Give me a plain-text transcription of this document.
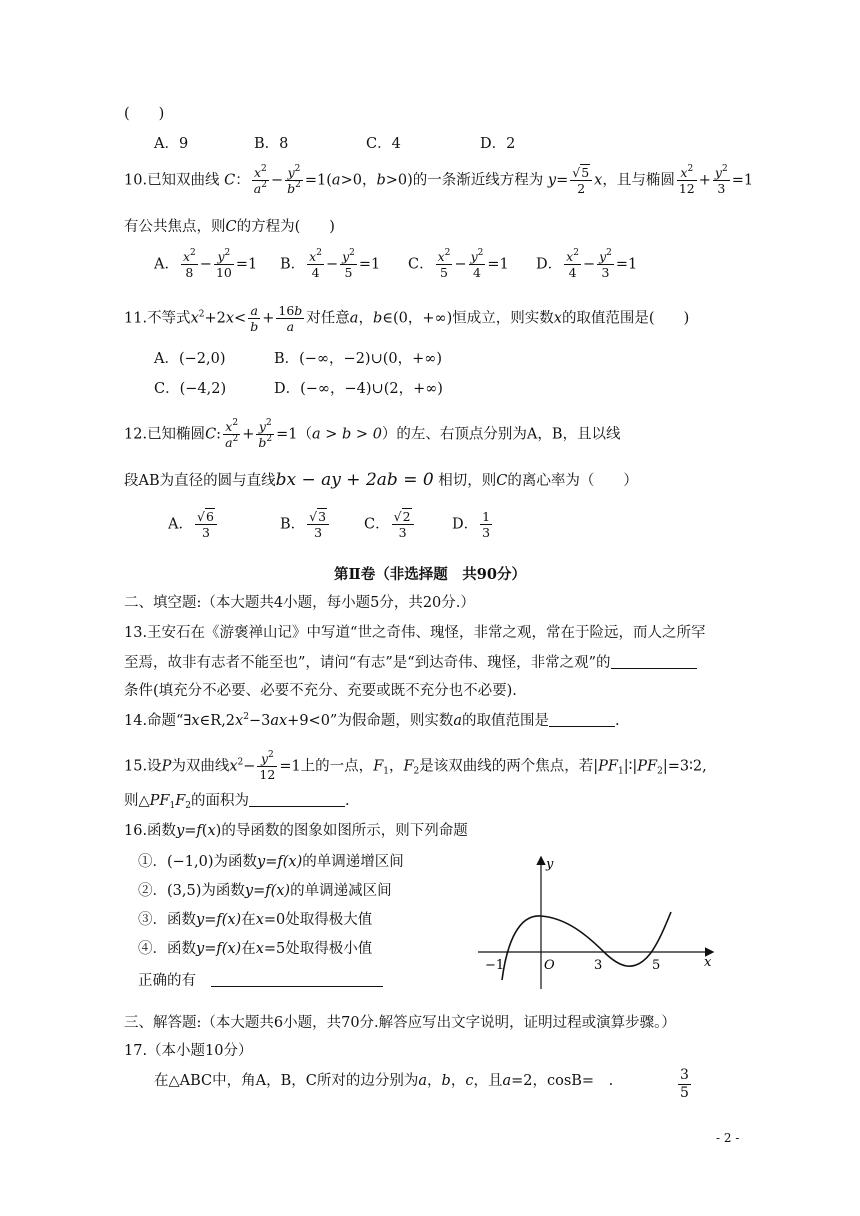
(　　)
A．9	B．8	C．4	D．2
10.已知双曲线 C： $\frac{x^2}{a^2} - \frac{y^2}{b^2} =1(a>0$，b>0)的一条渐近线方程为 $y= \frac{√5}{2}$ x，且与椭圆 $\frac{x^2}{12} + \frac{y^2}{3} =1$
有公共焦点，则C的方程为(　　)
A． $\frac{x^2}{8} - \frac{y^2}{10} =1$ B． $\frac{x^2}{4} - \frac{y^2}{5} =1$ C． $\frac{x^2}{5} - \frac{y^2}{4} =1$ D． $\frac{x^2}{4} - \frac{y^2}{3} =1$
11.不等式$x^2+2x< \frac{a}{b} + \frac{16b}{a}$ 对任意a，b∈(0，+∞)恒成立，则实数x的取值范围是(　　)
A．(−2,0)	B．(−∞，−2)∪(0，+∞)
C．(−4,2)	D．(−∞，−4)∪(2，+∞)
12.已知椭圆C: $\frac{x^2}{a^2} + \frac{y^2}{b^2} =1(a > b > 0)$的左、右顶点分别为A，B，且以线
段AB为直径的圆与直线bx − ay + 2ab = 0 相切，则C的离心率为（　　）
A． $\frac{√6}{3}$	B． $\frac{√3}{3}$ C． $\frac{√2}{3}$	D． $\frac{1}{3}$
第Ⅱ卷（非选择题　共90分）
二、填空题:（本大题共4小题，每小题5分，共20分.）
13.王安石在《游褒禅山记》中写道“世之奇伟、瑰怪，非常之观，常在于险远，而人之所罕
至焉，故非有志者不能至也”，请问“有志”是“到达奇伟、瑰怪，非常之观”的
条件(填充分不必要、必要不充分、充要或既不充分也不必要).
14.命题“$\exists x\in R,2x^2-3ax+9<0$”为假命题，则实数a的取值范围是	.
15.设P为双曲线$x^2- \frac{y^2}{12} =1$上的一点，$F_1$，$F_2$是该双曲线的两个焦点，若$|PF_1|∶|PF_2|=3∶2$,
则$\triangle PF_1F_2$的面积为	.
16.函数y=f(x)的导函数的图象如图所示，则下列命题
①．(−1,0)为函数y=f(x)的单调递增区间
②．(3,5)为函数y=f(x)的单调递减区间
③．函数y=f(x)在x=0处取得极大值
④．函数y=f(x)在x=5处取得极小值
正确的有　
y
x
O
−1	3	5
三、解答题:（本大题共6小题，共70分.解答应写出文字说明，证明过程或演算步骤。）
17.（本小题10分）
在△ABC中，角A，B，C所对的边分别为a，b，c，且a=2，cosB=　.	$\frac{3}{5}$
- 2 -
